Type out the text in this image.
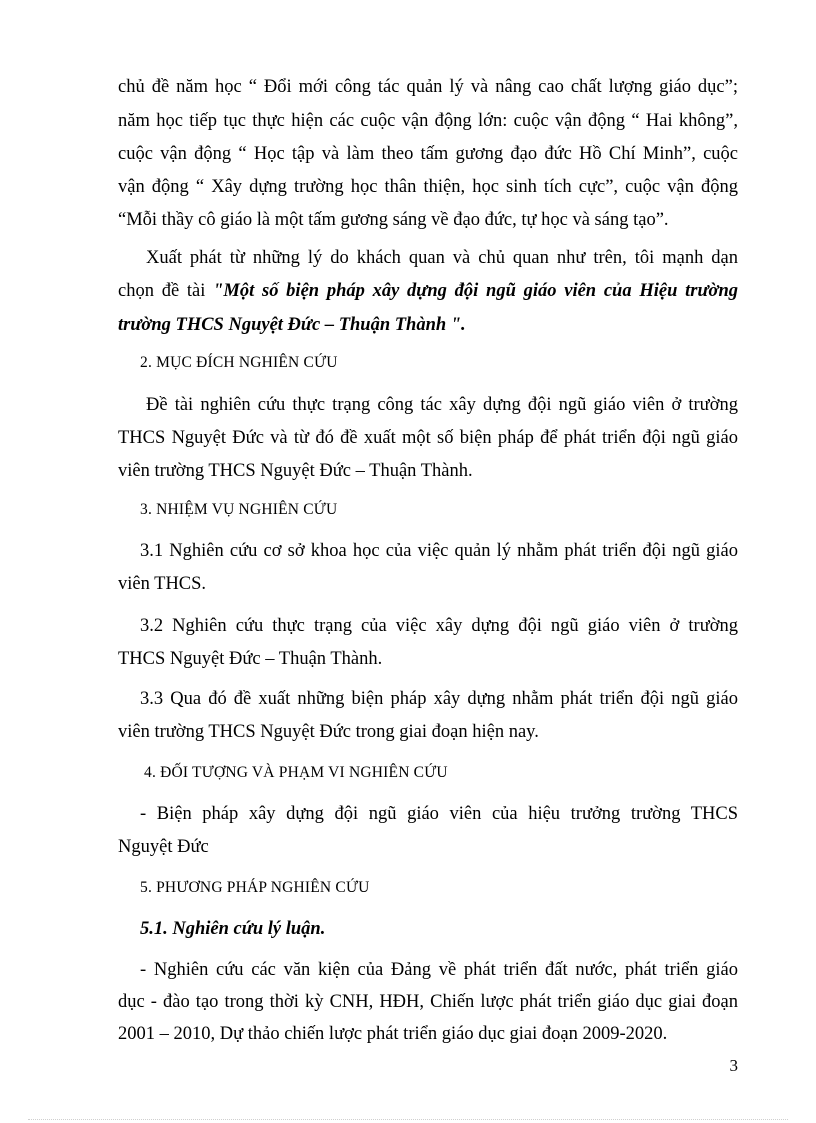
chủ đề năm học “ Đổi mới công tác quản lý và nâng cao chất lượng giáo dục”;
năm học tiếp tục thực hiện các cuộc vận động lớn: cuộc vận động “ Hai không”,
cuộc vận động “ Học tập và làm theo tấm gương đạo đức Hồ Chí Minh”, cuộc
vận động “ Xây dựng trường học thân thiện, học sinh tích cực”, cuộc vận động
“Mỗi thầy cô giáo là một tấm gương sáng về đạo đức, tự học và sáng tạo”.
Xuất phát từ những lý do khách quan và chủ quan như trên, tôi mạnh dạn
chọn đề tài "Một số biện pháp xây dựng đội ngũ giáo viên của Hiệu trường
trường THCS Nguyệt Đức – Thuận Thành ".
2. MỤC ĐÍCH NGHIÊN CỨU
Đề tài nghiên cứu thực trạng công tác xây dựng đội ngũ giáo viên ở trường
THCS Nguyệt Đức và từ đó đề xuất một số biện pháp để phát triển đội ngũ giáo
viên trường THCS Nguyệt Đức – Thuận Thành.
3. NHIỆM VỤ NGHIÊN CỨU
3.1 Nghiên cứu cơ sở khoa học của việc quản lý nhằm phát triển đội ngũ giáo
viên THCS.
3.2 Nghiên cứu thực trạng của việc xây dựng đội ngũ giáo viên ở trường
THCS Nguyệt Đức – Thuận Thành.
3.3 Qua đó đề xuất những biện pháp xây dựng nhằm phát triển đội ngũ giáo
viên trường THCS Nguyệt Đức trong giai đoạn hiện nay.
4. ĐỐI TƯỢNG VÀ PHẠM VI NGHIÊN CỨU
- Biện pháp xây dựng đội ngũ giáo viên của hiệu trưởng trường THCS
Nguyệt Đức
5. PHƯƠNG PHÁP NGHIÊN CỨU
5.1. Nghiên cứu lý luận.
- Nghiên cứu các văn kiện của Đảng về phát triển đất nước, phát triển giáo
dục - đào tạo trong thời kỳ CNH, HĐH, Chiến lược phát triển giáo dục giai đoạn
2001 – 2010, Dự thảo chiến lược phát triển giáo dục giai đoạn 2009-2020.
3
